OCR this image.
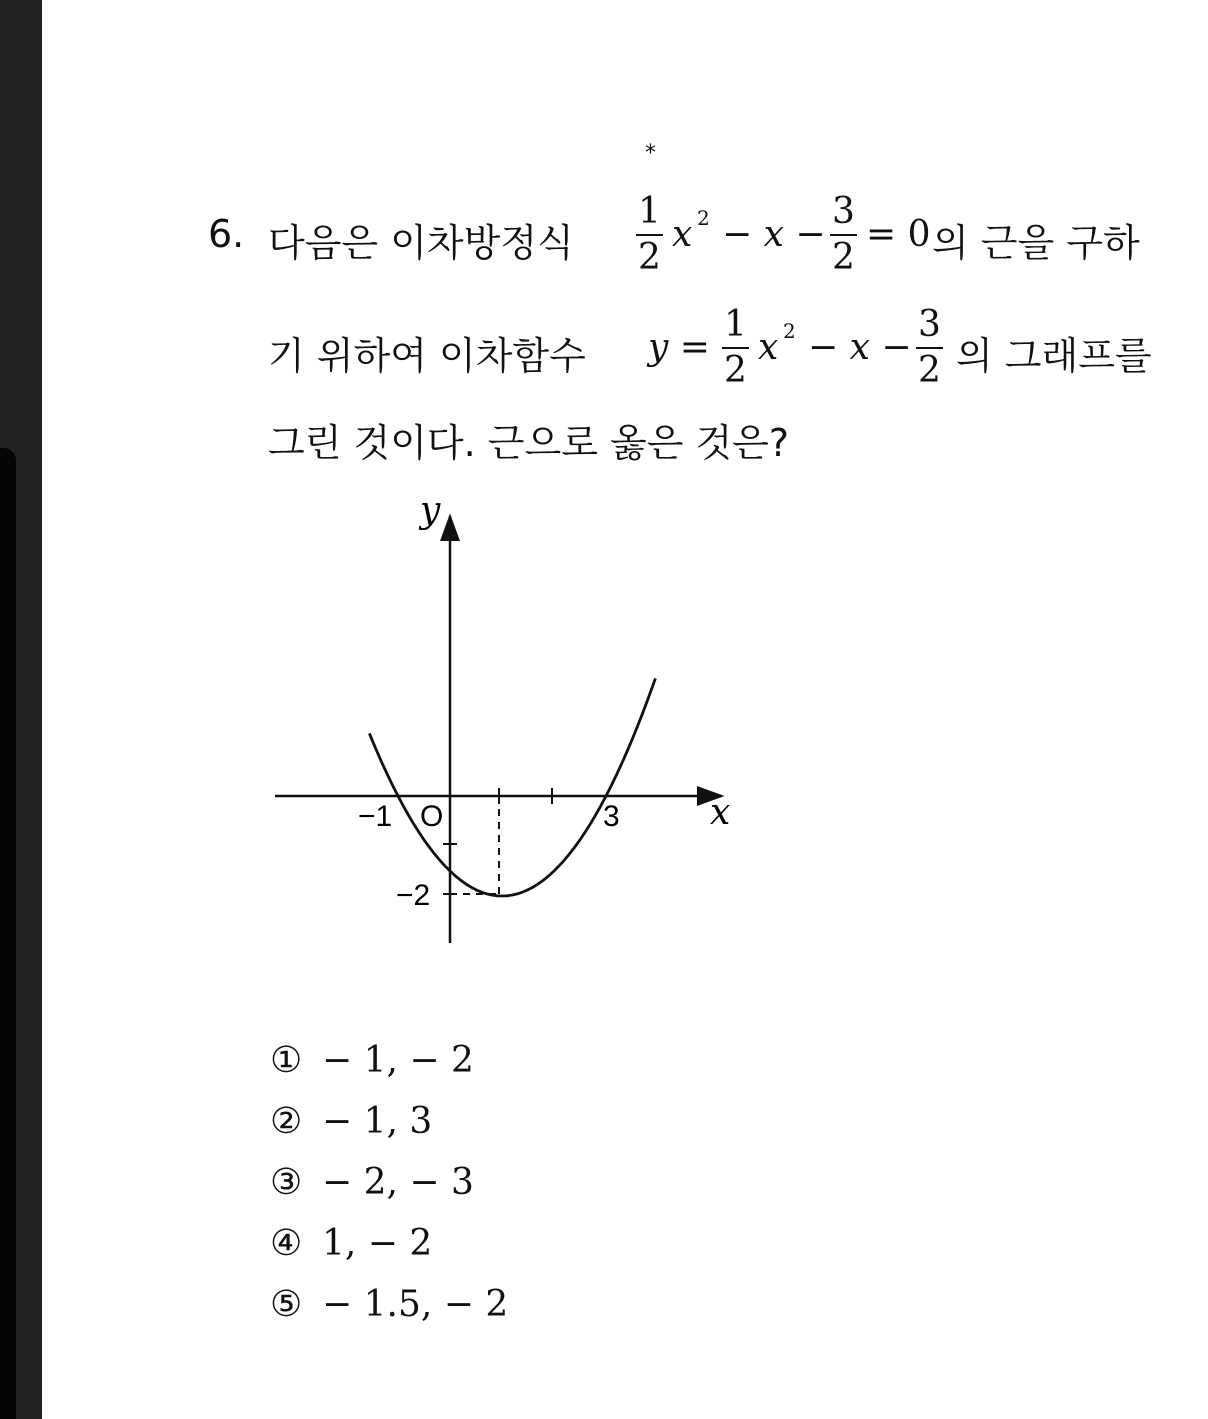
*
6. 다음은 이차방정식
1
2
x 2 − x −
3
2
= 0 의 근을 구하
기 위하여 이차함수 y =
1
2
x 2 − x −
3
2 의 그래프를
그린 것이다. 근으로 옳은 것은?
y
x
−1 O	3
−2
① − 1, − 2
② − 1, 3
③ − 2, − 3
④ 1, − 2
⑤ − 1.5, − 2
